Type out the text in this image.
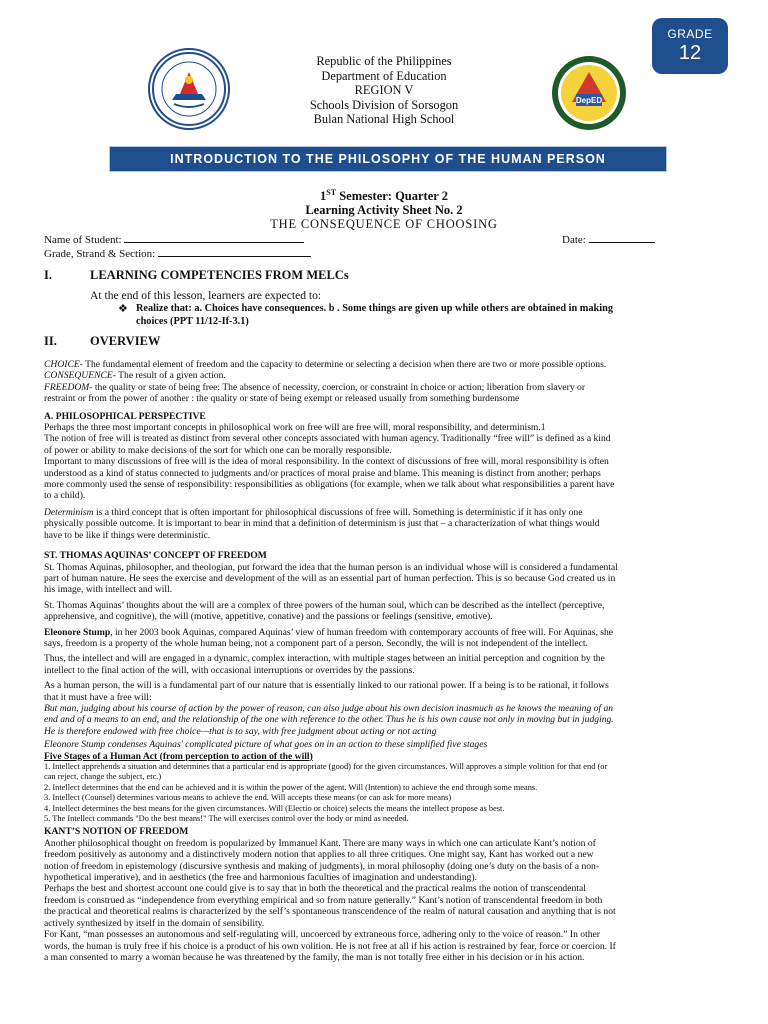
GRADE
12
Republic of the Philippines
Department of Education
REGION V
Schools Division of Sorsogon
Bulan National High School
DepED
INTRODUCTION TO THE PHILOSOPHY OF THE HUMAN PERSON
1ST Semester: Quarter 2
Learning Activity Sheet No. 2
THE CONSEQUENCE OF CHOOSING
Name of Student:	Date:
Grade, Strand & Section:
I.	LEARNING COMPETENCIES FROM MELCs
At the end of this lesson, learners are expected to:
❖ Realize that: a. Choices have consequences. b . Some things are given up while others are obtained in making
choices (PPT 11/12-If-3.1)
II.	OVERVIEW

CHOICE- The fundamental element of freedom and the capacity to determine or selecting a decision when there are two or more possible options.

CONSEQUENCE- The result of a given action.

FREEDOM- the quality or state of being free: The absence of necessity, coercion, or constraint in choice or action; liberation from slavery or

restraint or from the power of another : the quality or state of being exempt or released usually from something burdensome

A. PHILOSOPHICAL PERSPECTIVE

Perhaps the three most important concepts in philosophical work on free will are free will, moral responsibility, and determinism.1

The notion of free will is treated as distinct from several other concepts associated with human agency. Traditionally “free will” is defined as a kind

of power or ability to make decisions of the sort for which one can be morally responsible.

Important to many discussions of free will is the idea of moral responsibility. In the context of discussions of free will, moral responsibility is often

understood as a kind of status connected to judgments and/or practices of moral praise and blame. This meaning is distinct from another; perhaps

more commonly used the sense of responsibility: responsibilities as obligations (for example, when we talk about what responsibilities a parent have

to a child).

Determinism is a third concept that is often important for philosophical discussions of free will. Something is deterministic if it has only one

physically possible outcome. It is important to bear in mind that a definition of determinism is just that – a characterization of what things would

have to be like if things were deterministic.

ST. THOMAS AQUINAS’ CONCEPT OF FREEDOM

St. Thomas Aquinas, philosopher, and theologian, put forward the idea that the human person is an individual whose will is considered a fundamental

part of human nature. He sees the exercise and development of the will as an essential part of human perfection. This is so because God created us in

his image, with intellect and will.

St. Thomas Aquinas’ thoughts about the will are a complex of three powers of the human soul, which can be described as the intellect (perceptive,

apprehensive, and cognitive), the will (motive, appetitive, conative) and the passions or feelings (sensitive, emotive).

Eleonore Stump, in her 2003 book Aquinas, compared Aquinas’ view of human freedom with contemporary accounts of free will. For Aquinas, she

says, freedom is a property of the whole human being, not a component part of a person. Secondly, the will is not independent of the intellect.

Thus, the intellect and will are engaged in a dynamic, complex interaction, with multiple stages between an initial perception and cognition by the

intellect to the final action of the will, with occasional interruptions or overrides by the passions.

As a human person, the will is a fundamental part of our nature that is essentially linked to our rational power. If a being is to be rational, it follows

that it must have a free will:

But man, judging about his course of action by the power of reason, can also judge about his own decision inasmuch as he knows the meaning of an

end and of a means to an end, and the relationship of the one with reference to the other. Thus he is his own cause not only in moving but in judging.

He is therefore endowed with free choice—that is to say, with free judgment about acting or not acting

Eleonore Stump condenses Aquinas' complicated picture of what goes on in an action to these simplified five stages

Five Stages of a Human Act (from perception to action of the will)

1. Intellect apprehends a situation and determines that a particular end is appropriate (good) for the given circumstances. Will approves a simple volition for that end (or

can reject, change the subject, etc.)

2. Intellect determines that the end can be achieved and it is within the power of the agent. Will (Intention) to achieve the end through some means.

3. Intellect (Counsel) determines various means to achieve the end. Will accepts these means (or can ask for more means)

4. Intellect determines the best means for the given circumstances. Will (Electio or choice) selects the means the intellect propose as best.

5. The Intellect commands "Do the best means!" The will exercises control over the body or mind as needed.

KANT’S NOTION OF FREEDOM

Another philosophical thought on freedom is popularized by Immanuel Kant. There are many ways in which one can articulate Kant’s notion of

freedom positively as autonomy and a distinctively modern notion that applies to all three critiques. One might say, Kant has worked out a new

notion of freedom in epistemology (discursive synthesis and making of judgments), in moral philosophy (doing one’s duty on the basis of a non-

hypothetical imperative), and in aesthetics (the free and harmonious faculties of imagination and understanding).

Perhaps the best and shortest account one could give is to say that in both the theoretical and the practical realms the notion of transcendental

freedom is construed as “independence from everything empirical and so from nature generally.” Kant’s notion of transcendental freedom in both

the practical and theoretical realms is characterized by the self’s spontaneous transcendence of the realm of natural causation and anything that is not

actively synthesized by itself in the domain of sensibility.

For Kant, “man possesses an autonomous and self-regulating will, uncoerced by extraneous force, adhering only to the voice of reason.” In other

words, the human is truly free if his choice is a product of his own volition. He is not free at all if his action is restrained by fear, force or coercion. If

a man consented to marry a woman because he was threatened by the family, the man is not totally free either in his decision or in his action.
